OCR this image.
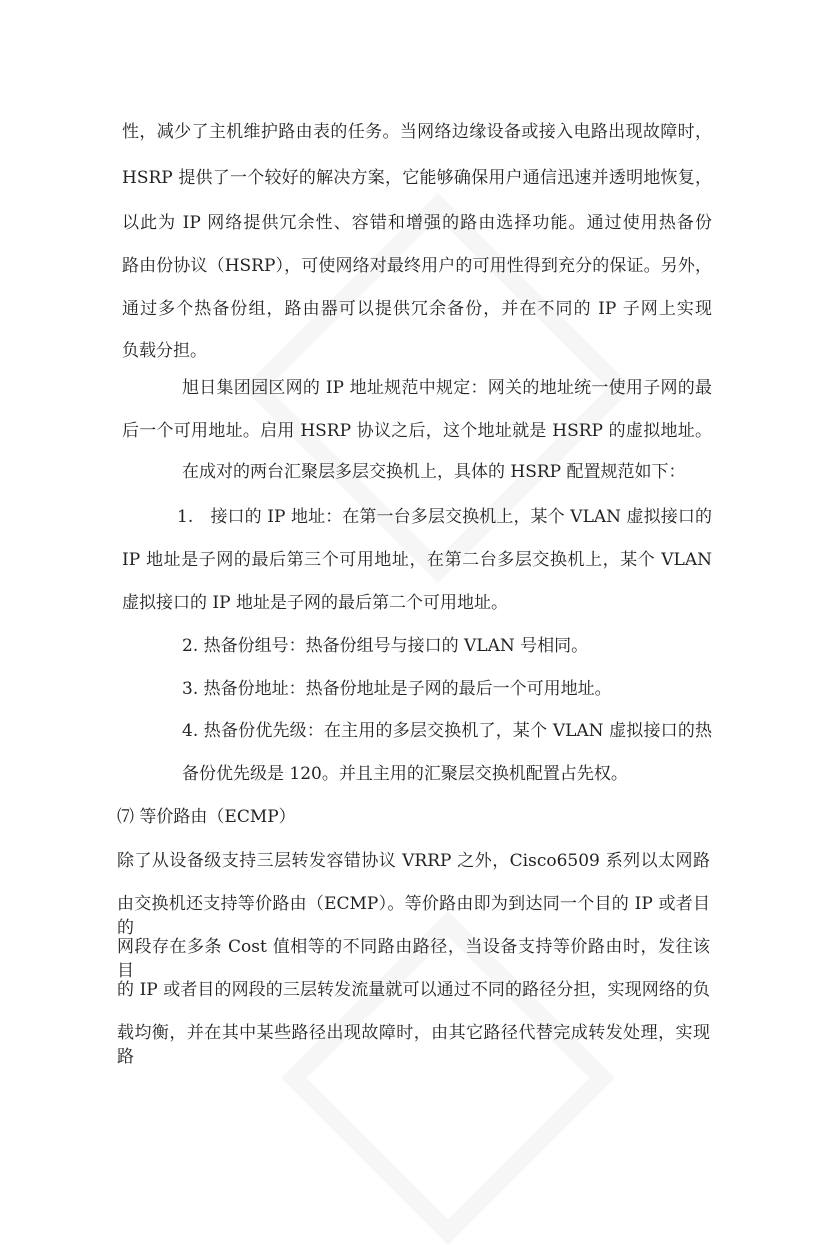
性，减少了主机维护路由表的任务。当网络边缘设备或接入电路出现故障时，
HSRP 提供了一个较好的解决方案，它能够确保用户通信迅速并透明地恢复，
以此为 IP 网络提供冗余性、容错和增强的路由选择功能。通过使用热备份
路由份协议（HSRP），可使网络对最终用户的可用性得到充分的保证。另外，
通过多个热备份组，路由器可以提供冗余备份，并在不同的 IP 子网上实现
负载分担。
旭日集团园区网的 IP 地址规范中规定：网关的地址统一使用子网的最
后一个可用地址。启用 HSRP 协议之后，这个地址就是 HSRP 的虚拟地址。
在成对的两台汇聚层多层交换机上，具体的 HSRP 配置规范如下：
1.　接口的 IP 地址：在第一台多层交换机上，某个 VLAN 虚拟接口的
IP 地址是子网的最后第三个可用地址，在第二台多层交换机上，某个 VLAN
虚拟接口的 IP 地址是子网的最后第二个可用地址。
2. 热备份组号：热备份组号与接口的 VLAN 号相同。
3. 热备份地址：热备份地址是子网的最后一个可用地址。
4. 热备份优先级：在主用的多层交换机了，某个 VLAN 虚拟接口的热
备份优先级是 120。并且主用的汇聚层交换机配置占先权。
⑺ 等价路由（ECMP）
除了从设备级支持三层转发容错协议 VRRP 之外，Cisco6509 系列以太网路
由交换机还支持等价路由（ECMP）。等价路由即为到达同一个目的 IP 或者目的
网段存在多条 Cost 值相等的不同路由路径，当设备支持等价路由时，发往该目
的 IP 或者目的网段的三层转发流量就可以通过不同的路径分担，实现网络的负
载均衡，并在其中某些路径出现故障时，由其它路径代替完成转发处理，实现路
